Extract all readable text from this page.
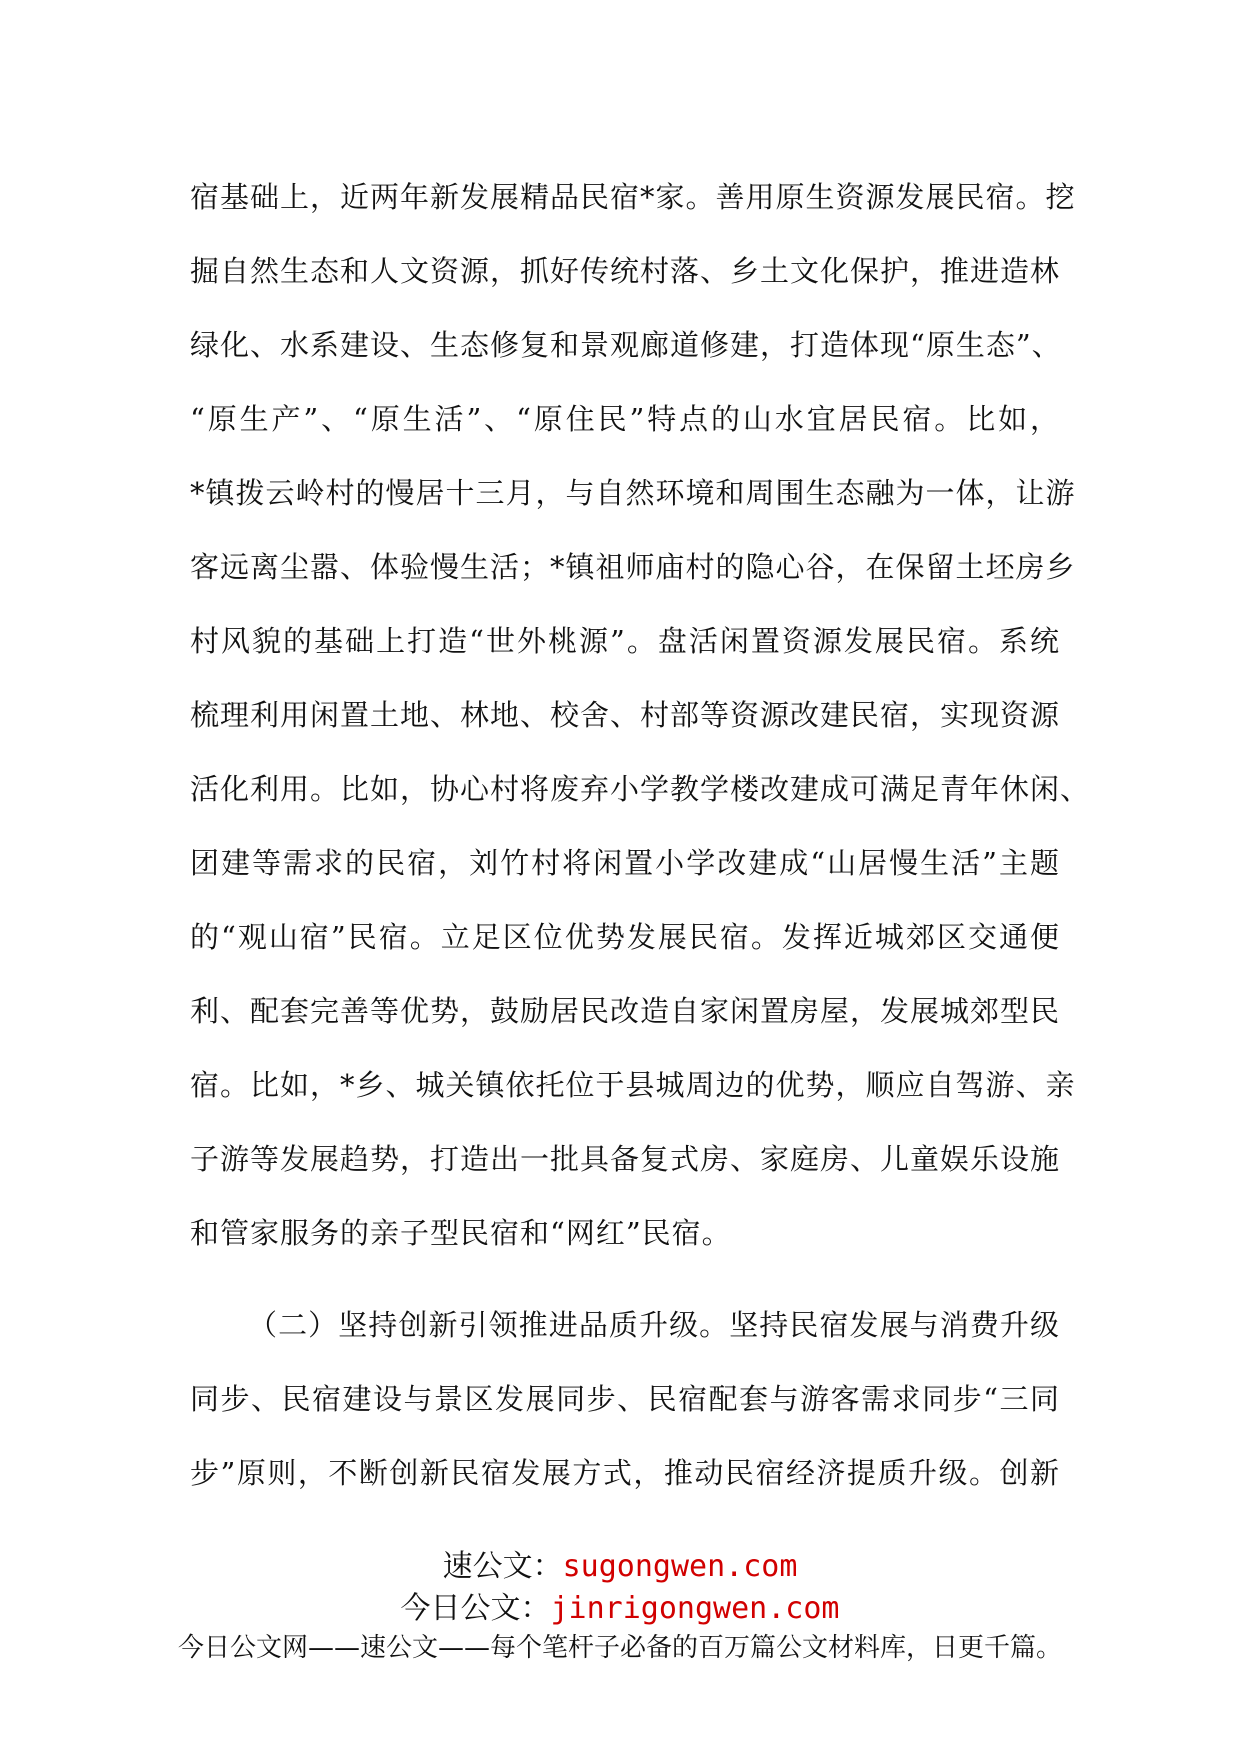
宿基础上，近两年新发展精品民宿*家。善用原生资源发展民宿。挖
掘自然生态和人文资源，抓好传统村落、乡土文化保护，推进造林
绿化、水系建设、生态修复和景观廊道修建，打造体现“原生态”、
“原生产”、“原生活”、“原住民”特点的山水宜居民宿。比如，
*镇拨云岭村的慢居十三月，与自然环境和周围生态融为一体，让游
客远离尘嚣、体验慢生活；*镇祖师庙村的隐心谷，在保留土坯房乡
村风貌的基础上打造“世外桃源”。盘活闲置资源发展民宿。系统
梳理利用闲置土地、林地、校舍、村部等资源改建民宿，实现资源
活化利用。比如，协心村将废弃小学教学楼改建成可满足青年休闲、
团建等需求的民宿，刘竹村将闲置小学改建成“山居慢生活”主题
的“观山宿”民宿。立足区位优势发展民宿。发挥近城郊区交通便
利、配套完善等优势，鼓励居民改造自家闲置房屋，发展城郊型民
宿。比如，*乡、城关镇依托位于县城周边的优势，顺应自驾游、亲
子游等发展趋势，打造出一批具备复式房、家庭房、儿童娱乐设施
和管家服务的亲子型民宿和“网红”民宿。
（二）坚持创新引领推进品质升级。坚持民宿发展与消费升级
同步、民宿建设与景区发展同步、民宿配套与游客需求同步“三同
步”原则，不断创新民宿发展方式，推动民宿经济提质升级。创新
速公文：sugongwen.com
今日公文：jinrigongwen.com
今日公文网——速公文——每个笔杆子必备的百万篇公文材料库，日更千篇。
